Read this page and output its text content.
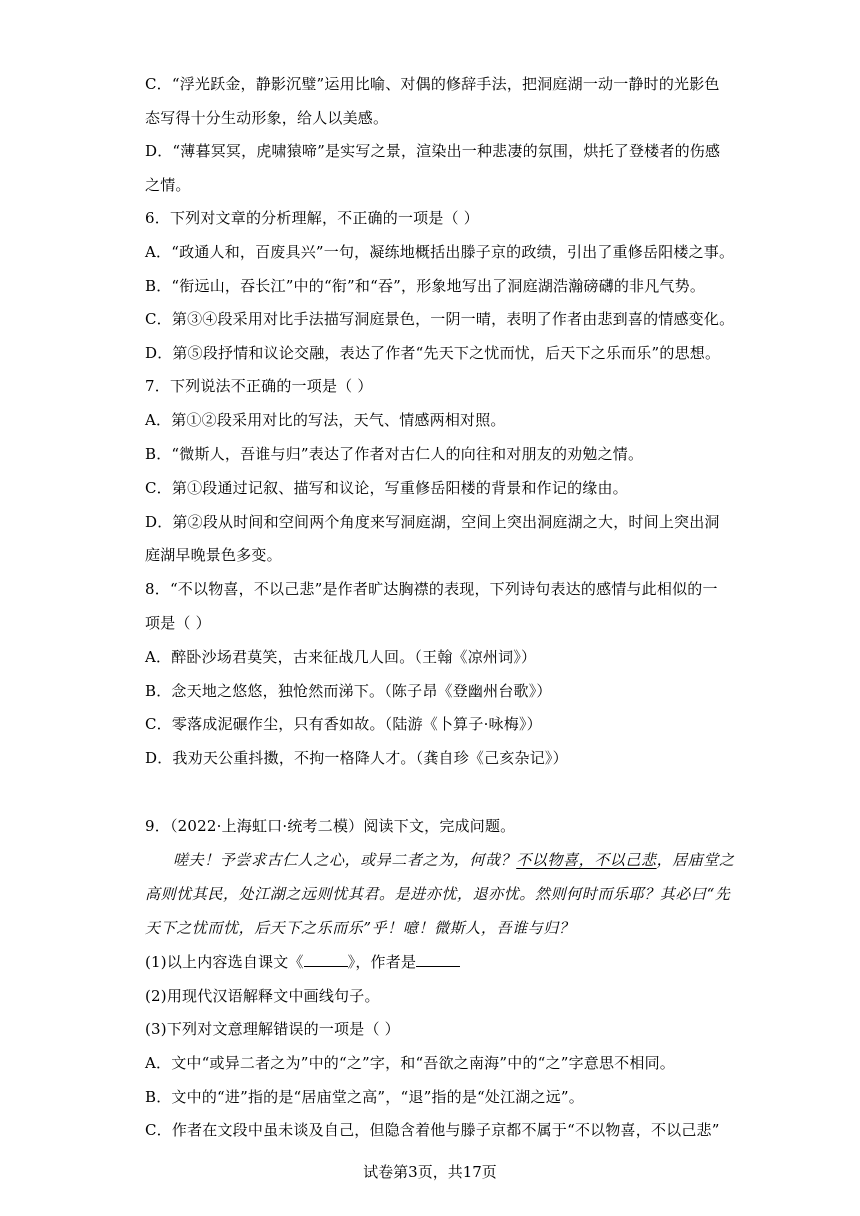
C．“浮光跃金，静影沉璧”运用比喻、对偶的修辞手法，把洞庭湖一动一静时的光影色
态写得十分生动形象，给人以美感。
D．“薄暮冥冥，虎啸猿啼”是实写之景，渲染出一种悲凄的氛围，烘托了登楼者的伤感
之情。
6．下列对文章的分析理解，不正确的一项是（ ）
A．“政通人和，百废具兴”一句，凝练地概括出滕子京的政绩，引出了重修岳阳楼之事。
B．“衔远山，吞长江”中的“衔”和“吞”，形象地写出了洞庭湖浩瀚磅礴的非凡气势。
C．第③④段采用对比手法描写洞庭景色，一阴一晴，表明了作者由悲到喜的情感变化。
D．第⑤段抒情和议论交融，表达了作者“先天下之忧而忧，后天下之乐而乐”的思想。
7．下列说法不正确的一项是（ ）
A．第①②段采用对比的写法，天气、情感两相对照。
B．“微斯人，吾谁与归”表达了作者对古仁人的向往和对朋友的劝勉之情。
C．第①段通过记叙、描写和议论，写重修岳阳楼的背景和作记的缘由。
D．第②段从时间和空间两个角度来写洞庭湖，空间上突出洞庭湖之大，时间上突出洞
庭湖早晚景色多变。
8．“不以物喜，不以己悲”是作者旷达胸襟的表现，下列诗句表达的感情与此相似的一
项是（ ）
A．醉卧沙场君莫笑，古来征战几人回。（王翰《凉州词》）
B．念天地之悠悠，独怆然而涕下。（陈子昂《登幽州台歌》）
C．零落成泥碾作尘，只有香如故。（陆游《卜算子·咏梅》）
D．我劝天公重抖擞，不拘一格降人才。（龚自珍《己亥杂记》）
9．（2022·上海虹口·统考二模）阅读下文，完成问题。
嗟夫！予尝求古仁人之心，或异二者之为，何哉？不以物喜，不以己悲，居庙堂之
高则忧其民，处江湖之远则忧其君。是进亦忧，退亦忧。然则何时而乐耶？其必曰“先
天下之忧而忧，后天下之乐而乐”乎！噫！微斯人，吾谁与归？
(1)以上内容选自课文《	》，作者是
(2)用现代汉语解释文中画线句子。
(3)下列对文意理解错误的一项是（ ）
A．文中“或异二者之为”中的“之”字，和“吾欲之南海”中的“之”字意思不相同。
B．文中的“进”指的是“居庙堂之高”，“退”指的是“处江湖之远”。
C．作者在文段中虽未谈及自己，但隐含着他与滕子京都不属于“不以物喜，不以己悲”
试卷第3页，共17页
